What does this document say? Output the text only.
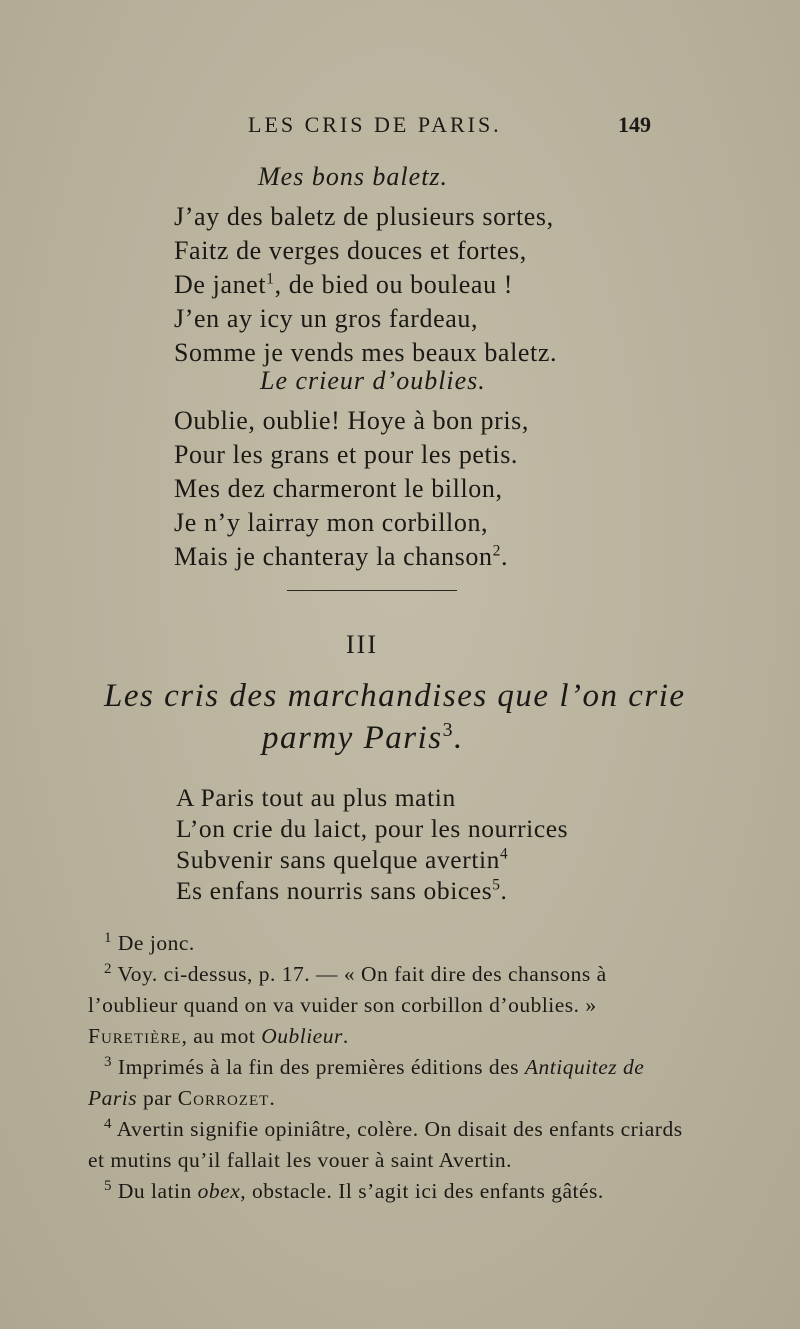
LES CRIS DE PARIS.	149
Mes bons baletz.
J’ay des baletz de plusieurs sortes,
Faitz de verges douces et fortes,
De janet$^1$, de bied ou bouleau !
J’en ay icy un gros fardeau,
Somme je vends mes beaux baletz.
Le crieur d’oublies.
Oublie, oublie! Hoye à bon pris,
Pour les grans et pour les petis.
Mes dez charmeront le billon,
Je n’y lairray mon corbillon,
Mais je chanteray la chanson$^2$.
III
Les cris des marchandises que l’on crie
parmy Paris$^3$.
A Paris tout au plus matin
L’on crie du laict, pour les nourrices
Subvenir sans quelque avertin$^4$
Es enfans nourris sans obices$^5$.

$^1$ De jonc.

$^2$ Voy. ci-dessus, p. 17. — « On fait dire des chansons à l’oublieur quand on va vuider son corbillon d’oublies. » Furetière, au mot Oublieur.

$^3$ Imprimés à la fin des premières éditions des Antiquitez de Paris par Corrozet.

$^4$ Avertin signifie opiniâtre, colère. On disait des enfants criards et mutins qu’il fallait les vouer à saint Avertin.

$^5$ Du latin obex, obstacle. Il s’agit ici des enfants gâtés.
